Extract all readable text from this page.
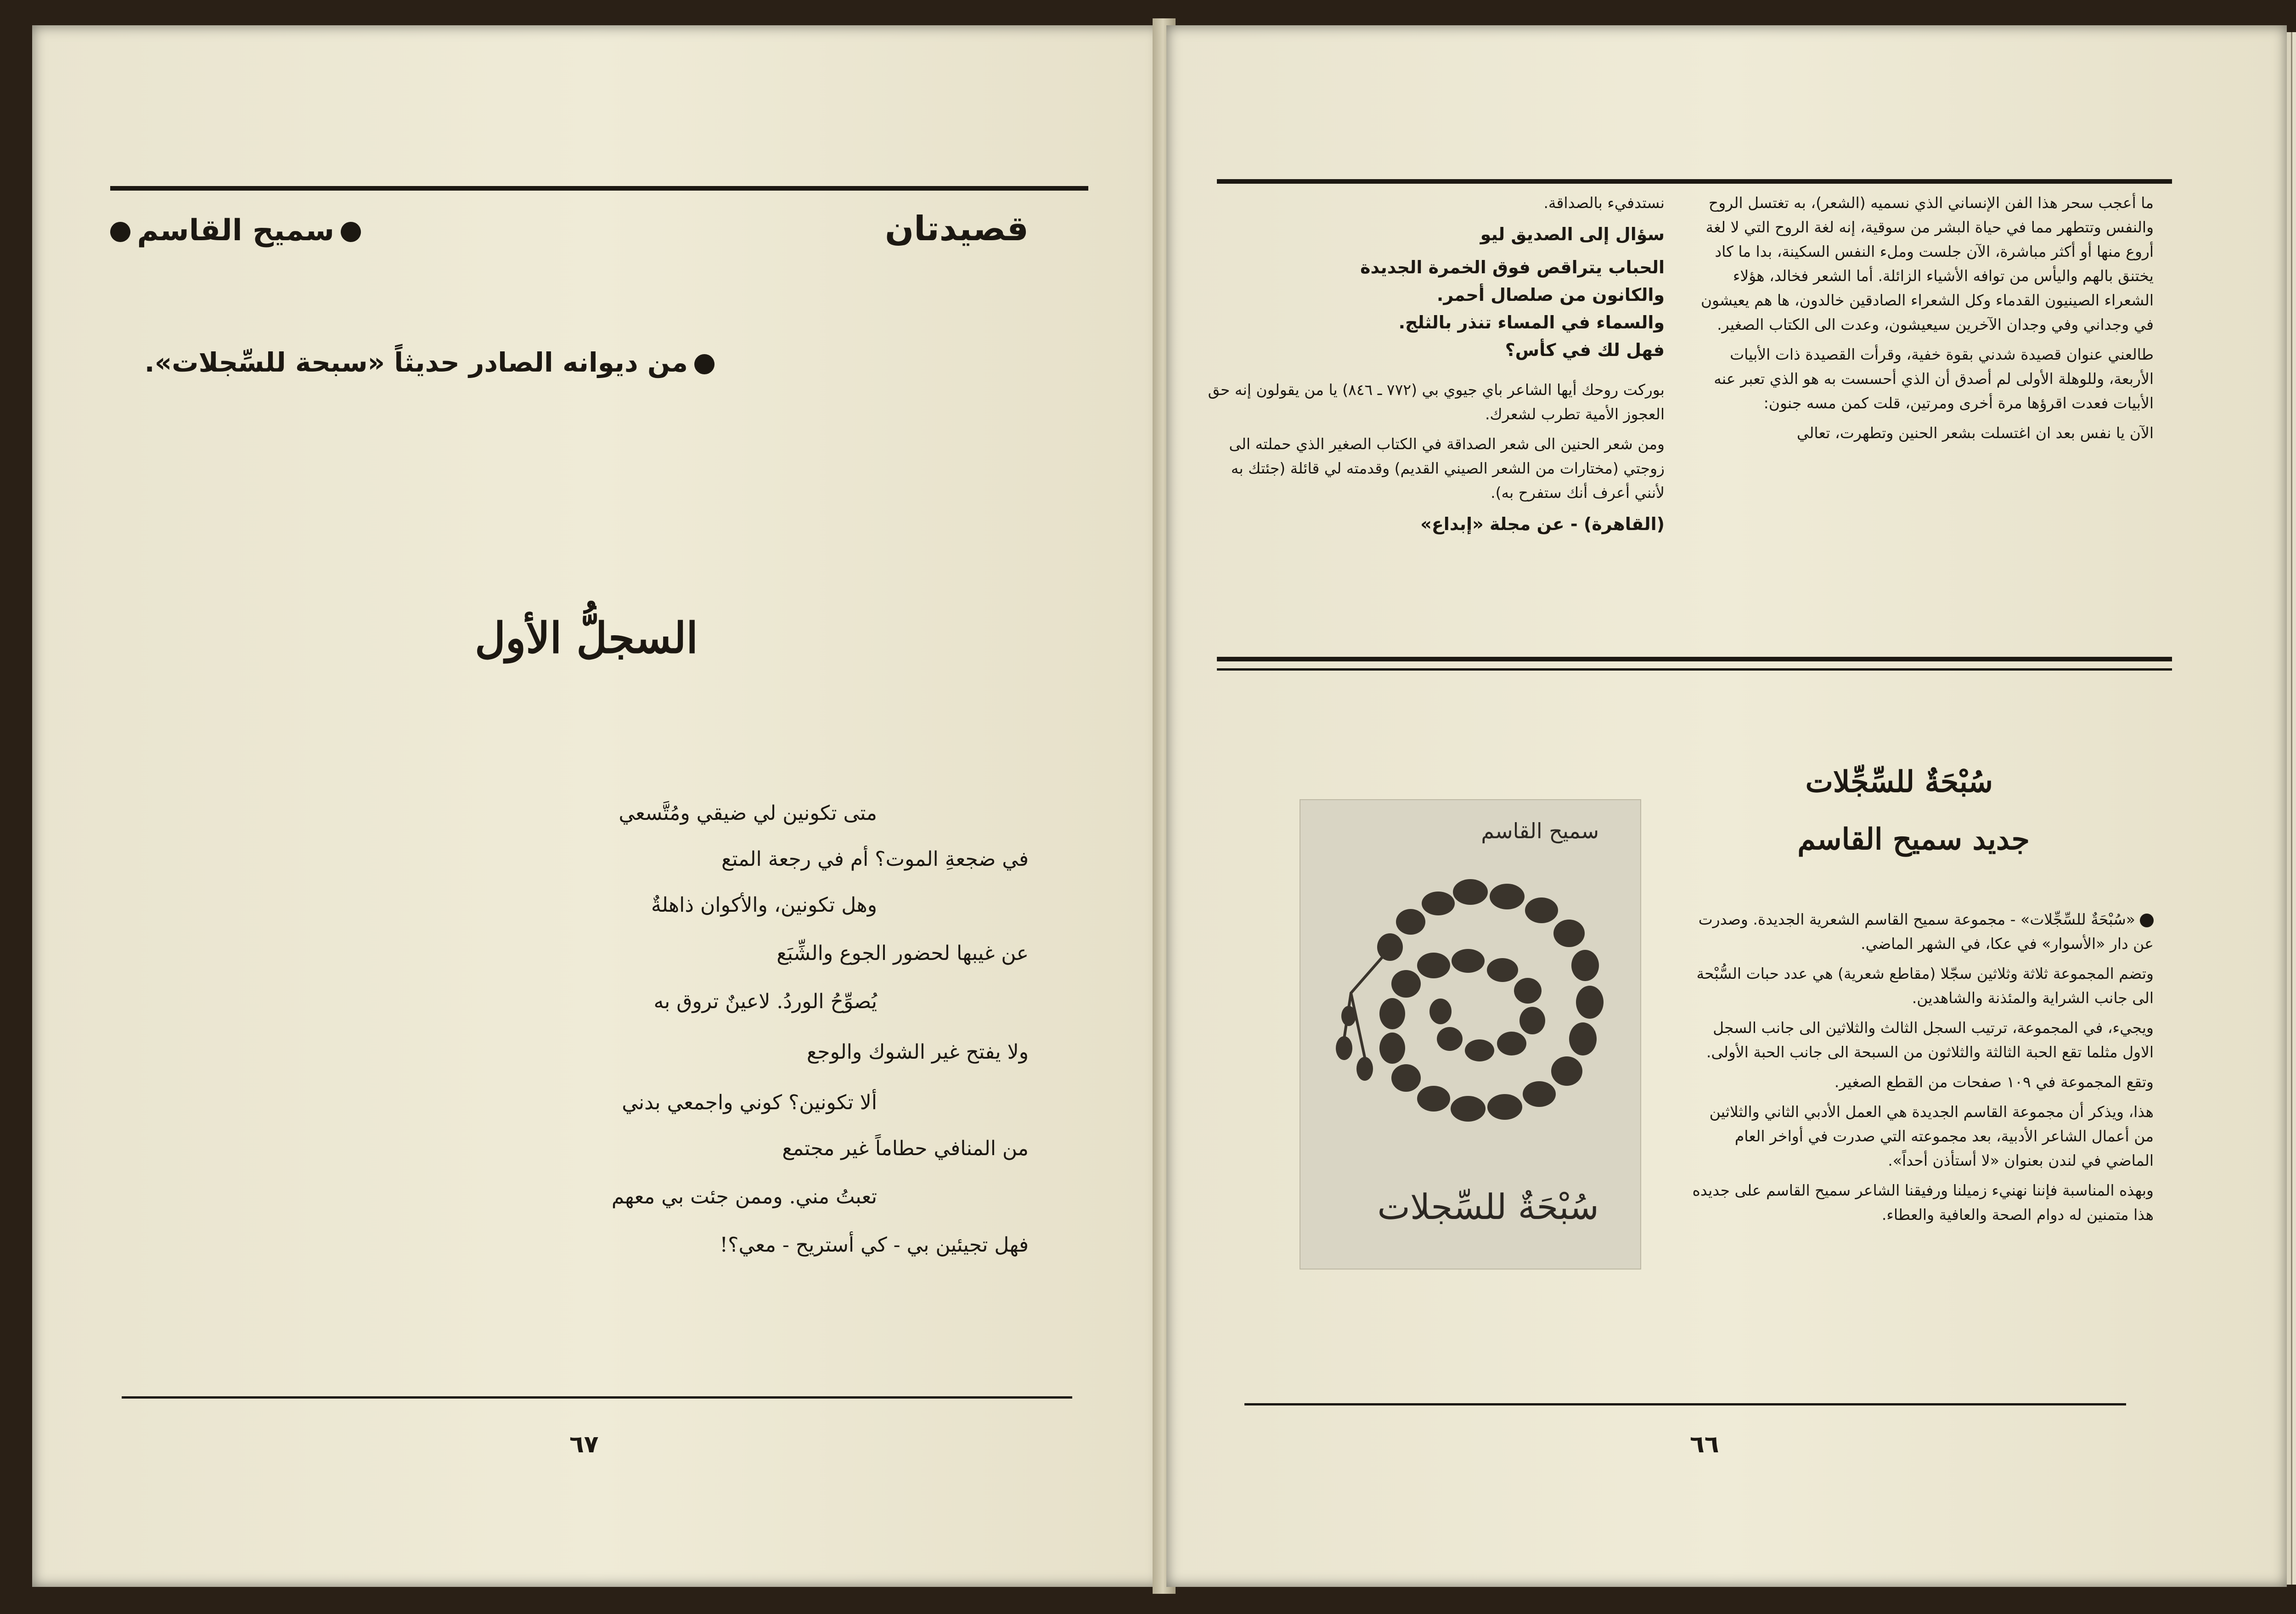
قصيدتان
سميح القاسم
من ديوانه الصادر حديثاً «سبحة للسِّجلات».
السجلُّ الأول
متى تكونين لي ضيقي ومُتَّسعي
في ضجعةِ الموت؟ أم في رجعة المتع
وهل تكونين، والأكوان ذاهلةٌ
عن غيبها لحضور الجوع والشِّبَع
يُصوِّحُ الوردُ. لاعينٌ تروق به
ولا يفتح غير الشوك والوجع
ألا تكونين؟ كوني واجمعي بدني
من المنافي حطاماً غير مجتمع
تعبتُ مني. وممن جئت بي معهم
فهل تجيئين بي - كي أستريح - معي؟!
٦٧

ما أعجب سحر هذا الفن الإنساني الذي نسميه (الشعر)، به تغتسل الروح والنفس وتتطهر مما في حياة البشر من سوقية، إنه لغة الروح التي لا لغة أروع منها أو أكثر مباشرة، الآن جلست وملء النفس السكينة، بدا ما كاد يختنق بالهم واليأس من توافه الأشياء الزائلة. أما الشعر فخالد، هؤلاء الشعراء الصينيون القدماء وكل الشعراء الصادقين خالدون، ها هم يعيشون في وجداني وفي وجدان الآخرين سيعيشون، وعدت الى الكتاب الصغير.

طالعني عنوان قصيدة شدني بقوة خفية، وقرأت القصيدة ذات الأبيات الأربعة، وللوهلة الأولى لم أصدق أن الذي أحسست به هو الذي تعبر عنه الأبيات فعدت اقرؤها مرة أخرى ومرتين، قلت كمن مسه جنون:

الآن يا نفس بعد ان اغتسلت بشعر الحنين وتطهرت، تعالي

نستدفيء بالصداقة.

سؤال إلى الصديق ليو

الحباب يتراقص فوق الخمرة الجديدة

والكانون من صلصال أحمر.

والسماء في المساء تنذر بالثلج.

فهل لك في كأس؟

بوركت روحك أيها الشاعر باي جيوي بي (٧٧٢ ـ ٨٤٦) يا من يقولون إنه حق العجوز الأمية تطرب لشعرك.

ومن شعر الحنين الى شعر الصداقة في الكتاب الصغير الذي حملته الى زوجتي (مختارات من الشعر الصيني القديم) وقدمته لي قائلة (جئتك به لأنني أعرف أنك ستفرح به).

(القاهرة) - عن مجلة «إبداع»

سُبْحَةٌ للسِّجِّلات
جديد سميح القاسم

«سُبْحَةٌ للسِّجِّلات» - مجموعة سميح القاسم الشعرية الجديدة. وصدرت عن دار «الأسوار» في عكا، في الشهر الماضي.

وتضم المجموعة ثلاثة وثلاثين سجّلا (مقاطع شعرية) هي عدد حبات السُّبْحة الى جانب الشراية والمئذنة والشاهدين.

ويجيء، في المجموعة، ترتيب السجل الثالث والثلاثين الى جانب السجل الاول مثلما تقع الحبة الثالثة والثلاثون من السبحة الى جانب الحبة الأولى.

وتقع المجموعة في ١٠٩ صفحات من القطع الصغير.

هذا، ويذكر أن مجموعة القاسم الجديدة هي العمل الأدبي الثاني والثلاثين من أعمال الشاعر الأدبية، بعد مجموعته التي صدرت في أواخر العام الماضي في لندن بعنوان «لا أستأذن أحداً».

وبهذه المناسبة فإننا نهنيء زميلنا ورفيقنا الشاعر سميح القاسم على جديده هذا متمنين له دوام الصحة والعافية والعطاء.

٦٦
سميح القاسم
سُبْحَةٌ للسِّجلات
